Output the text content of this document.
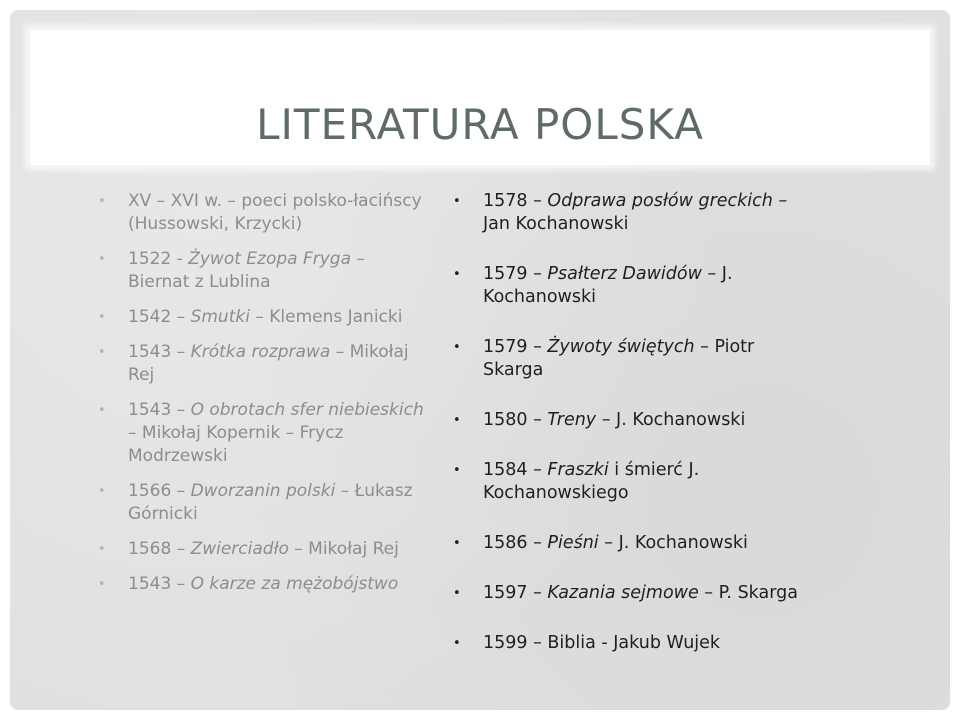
LITERATURA POLSKA
•	XV – XVI w. – poeci polsko-łacińscy (Hussowski, Krzycki)
•	1522 - Żywot Ezopa Fryga – Biernat z Lublina
•	1542 – Smutki – Klemens Janicki
•	1543 – Krótka rozprawa – Mikołaj Rej
•	1543 – O obrotach sfer niebieskich – Mikołaj Kopernik – Frycz Modrzewski
•	1566 – Dworzanin polski – Łukasz Górnicki
•	1568 – Zwierciadło – Mikołaj Rej
•	1543 – O karze za mężobójstwo
•	1578 – Odprawa posłów greckich – Jan Kochanowski
•	1579 – Psałterz Dawidów – J. Kochanowski
•	1579 – Żywoty świętych – Piotr Skarga
•	1580 – Treny – J. Kochanowski
•	1584 – Fraszki i śmierć J. Kochanowskiego
•	1586 – Pieśni – J. Kochanowski
•	1597 – Kazania sejmowe – P. Skarga
•	1599 – Biblia - Jakub Wujek
